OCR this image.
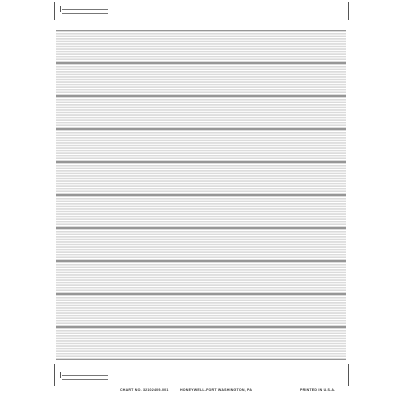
CHART NO. 32102409-001	HONEYWELL-FORT WASHINGTON, PA	PRINTED IN U.S.A.
